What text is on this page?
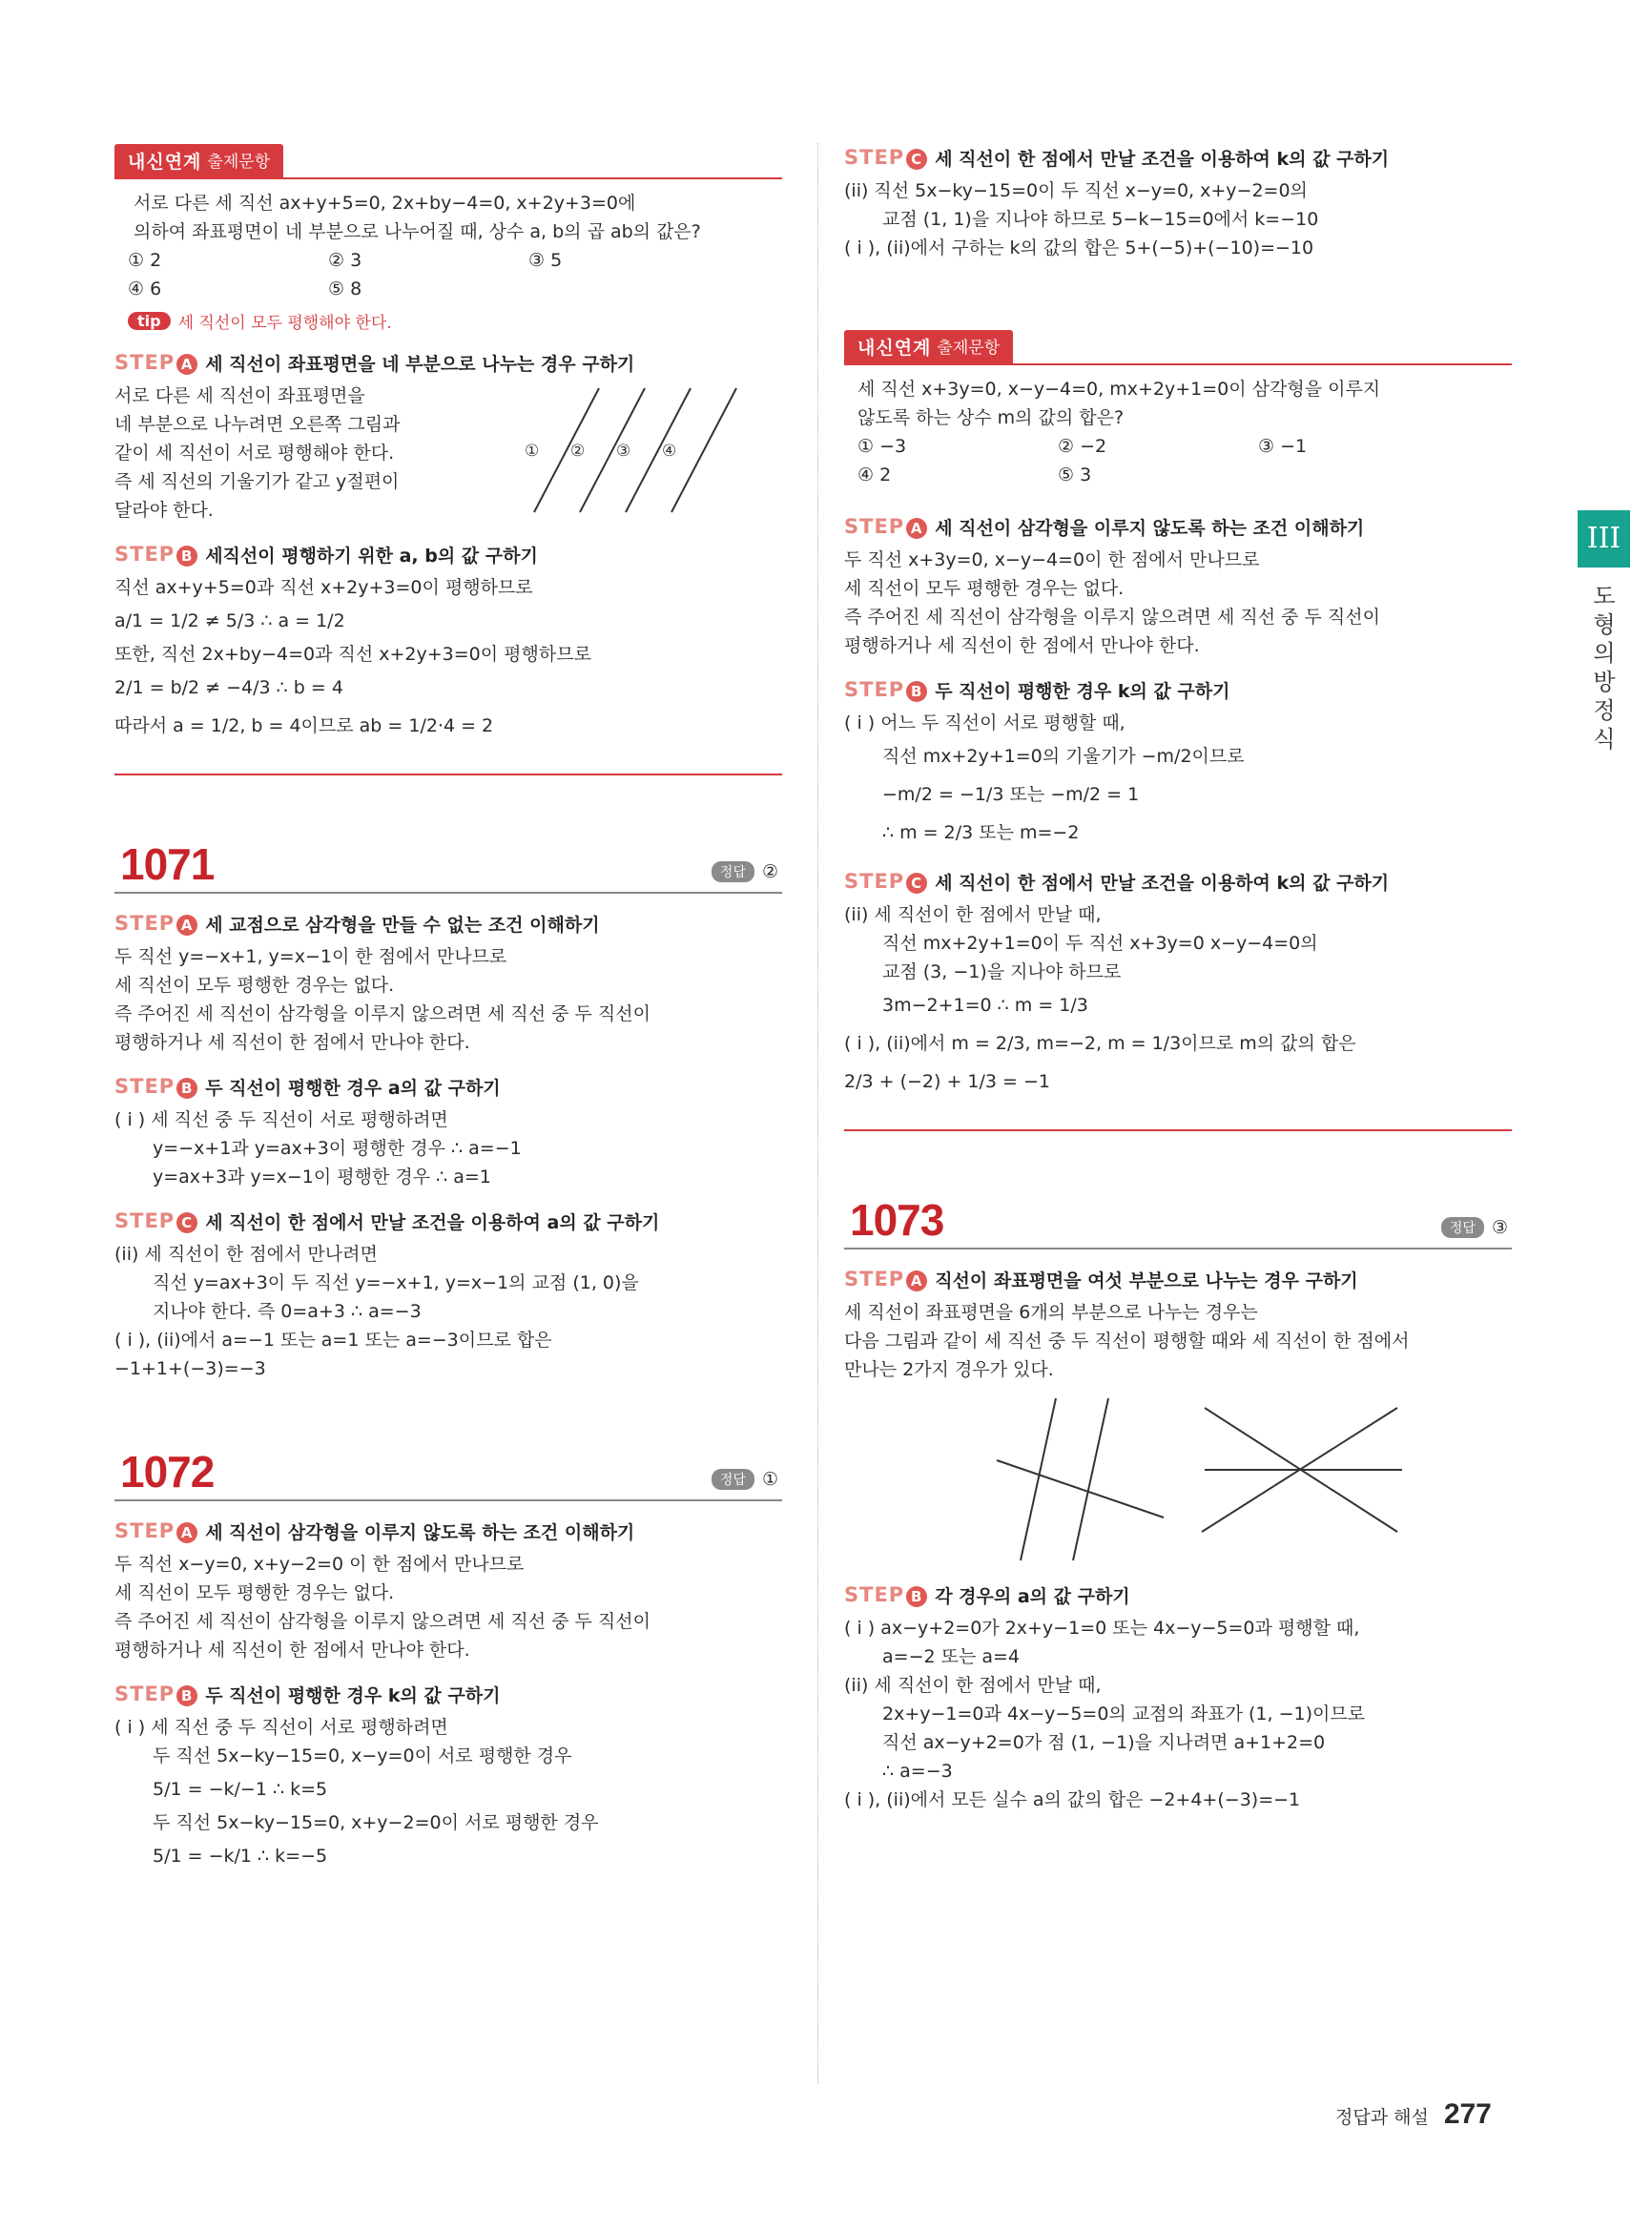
내신연계 출제문항

서로 다른 세 직선 ax+y+5=0, 2x+by−4=0, x+2y+3=0에

의하여 좌표평면이 네 부분으로 나누어질 때, 상수 a, b의 곱 ab의 값은?

① 2	② 3	③ 5
④ 6	⑤ 8
tip	세 직선이 모두 평행해야 한다.
STEP A 세 직선이 좌표평면을 네 부분으로 나누는 경우 구하기

서로 다른 세 직선이 좌표평면을

네 부분으로 나누려면 오른쪽 그림과

같이 세 직선이 서로 평행해야 한다.

즉 세 직선의 기울기가 같고 y절편이

달라야 한다.

① ② ③ ④
STEP B 세직선이 평행하기 위한 a, b의 값 구하기

직선 ax+y+5=0과 직선 x+2y+3=0이 평행하므로

a/1 = 1/2 ≠ 5/3 ∴ a = 1/2

또한, 직선 2x+by−4=0과 직선 x+2y+3=0이 평행하므로

2/1 = b/2 ≠ −4/3 ∴ b = 4

따라서 a = 1/2, b = 4이므로 ab = 1/2·4 = 2

1071	정답 ②
STEP A 세 교점으로 삼각형을 만들 수 없는 조건 이해하기

두 직선 y=−x+1, y=x−1이 한 점에서 만나므로

세 직선이 모두 평행한 경우는 없다.

즉 주어진 세 직선이 삼각형을 이루지 않으려면 세 직선 중 두 직선이

평행하거나 세 직선이 한 점에서 만나야 한다.

STEP B 두 직선이 평행한 경우 a의 값 구하기

( i ) 세 직선 중 두 직선이 서로 평행하려면

y=−x+1과 y=ax+3이 평행한 경우 ∴ a=−1

y=ax+3과 y=x−1이 평행한 경우 ∴ a=1

STEP C 세 직선이 한 점에서 만날 조건을 이용하여 a의 값 구하기

(ii) 세 직선이 한 점에서 만나려면

직선 y=ax+3이 두 직선 y=−x+1, y=x−1의 교점 (1, 0)을

지나야 한다. 즉 0=a+3 ∴ a=−3

( i ), (ii)에서 a=−1 또는 a=1 또는 a=−3이므로 합은

−1+1+(−3)=−3

1072	정답 ①
STEP A 세 직선이 삼각형을 이루지 않도록 하는 조건 이해하기

두 직선 x−y=0, x+y−2=0 이 한 점에서 만나므로

세 직선이 모두 평행한 경우는 없다.

즉 주어진 세 직선이 삼각형을 이루지 않으려면 세 직선 중 두 직선이

평행하거나 세 직선이 한 점에서 만나야 한다.

STEP B 두 직선이 평행한 경우 k의 값 구하기

( i ) 세 직선 중 두 직선이 서로 평행하려면

두 직선 5x−ky−15=0, x−y=0이 서로 평행한 경우

5/1 = −k/−1 ∴ k=5

두 직선 5x−ky−15=0, x+y−2=0이 서로 평행한 경우

5/1 = −k/1 ∴ k=−5

STEP C 세 직선이 한 점에서 만날 조건을 이용하여 k의 값 구하기

(ii) 직선 5x−ky−15=0이 두 직선 x−y=0, x+y−2=0의

교점 (1, 1)을 지나야 하므로 5−k−15=0에서 k=−10

( i ), (ii)에서 구하는 k의 값의 합은 5+(−5)+(−10)=−10

내신연계 출제문항

세 직선 x+3y=0, x−y−4=0, mx+2y+1=0이 삼각형을 이루지

않도록 하는 상수 m의 값의 합은?

① −3	② −2	③ −1
④ 2	⑤ 3
STEP A 세 직선이 삼각형을 이루지 않도록 하는 조건 이해하기

두 직선 x+3y=0, x−y−4=0이 한 점에서 만나므로

세 직선이 모두 평행한 경우는 없다.

즉 주어진 세 직선이 삼각형을 이루지 않으려면 세 직선 중 두 직선이

평행하거나 세 직선이 한 점에서 만나야 한다.

STEP B 두 직선이 평행한 경우 k의 값 구하기

( i ) 어느 두 직선이 서로 평행할 때,

직선 mx+2y+1=0의 기울기가 −m/2이므로

−m/2 = −1/3 또는 −m/2 = 1

∴ m = 2/3 또는 m=−2

STEP C 세 직선이 한 점에서 만날 조건을 이용하여 k의 값 구하기

(ii) 세 직선이 한 점에서 만날 때,

직선 mx+2y+1=0이 두 직선 x+3y=0 x−y−4=0의

교점 (3, −1)을 지나야 하므로

3m−2+1=0 ∴ m = 1/3

( i ), (ii)에서 m = 2/3, m=−2, m = 1/3이므로 m의 값의 합은

2/3 + (−2) + 1/3 = −1

1073	정답 ③
STEP A 직선이 좌표평면을 여섯 부분으로 나누는 경우 구하기

세 직선이 좌표평면을 6개의 부분으로 나누는 경우는

다음 그림과 같이 세 직선 중 두 직선이 평행할 때와 세 직선이 한 점에서

만나는 2가지 경우가 있다.

STEP B 각 경우의 a의 값 구하기

( i ) ax−y+2=0가 2x+y−1=0 또는 4x−y−5=0과 평행할 때,

a=−2 또는 a=4

(ii) 세 직선이 한 점에서 만날 때,

2x+y−1=0과 4x−y−5=0의 교점의 좌표가 (1, −1)이므로

직선 ax−y+2=0가 점 (1, −1)을 지나려면 a+1+2=0

∴ a=−3

( i ), (ii)에서 모든 실수 a의 값의 합은 −2+4+(−3)=−1

III
도형의 방정식
정답과 해설 277
